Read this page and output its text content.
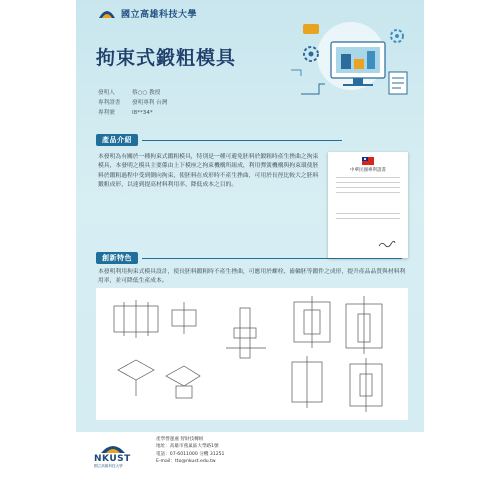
國立高雄科技大學
拘束式鍛粗模具
發明人	蔡○○ 教授
專利證書	發明專利 台灣
專利號	I8**34*
產品介紹
本發明為有關於一種拘束式鍛粗模具，特別是一種可避免胚料於鍛粗時產生挫曲之拘束模具，本發明之模具主要係由上下模座之拘束機構所組成，利用彈簧機構與拘束環使胚料於鍛粗過程中受到側向拘束，使胚料在成形時不產生挫曲，可用於長徑比較大之胚料鍛粗成形，以達到提高材料利用率、降低成本之目的。
中華民國專利證書
創新特色
本發明利用拘束式模具設計，使長胚料鍛粗時不產生挫曲，可應用於螺栓、齒輪胚等鍛件之成形，提升產品品質與材料利用率，並可降低生產成本。
NKUST
國立高雄科技大學
產學營運處 智財技轉組
地址：高雄市燕巢區大學路1號
電話：07-6011000 分機 31251
E-mail：tto@nkust.edu.tw
